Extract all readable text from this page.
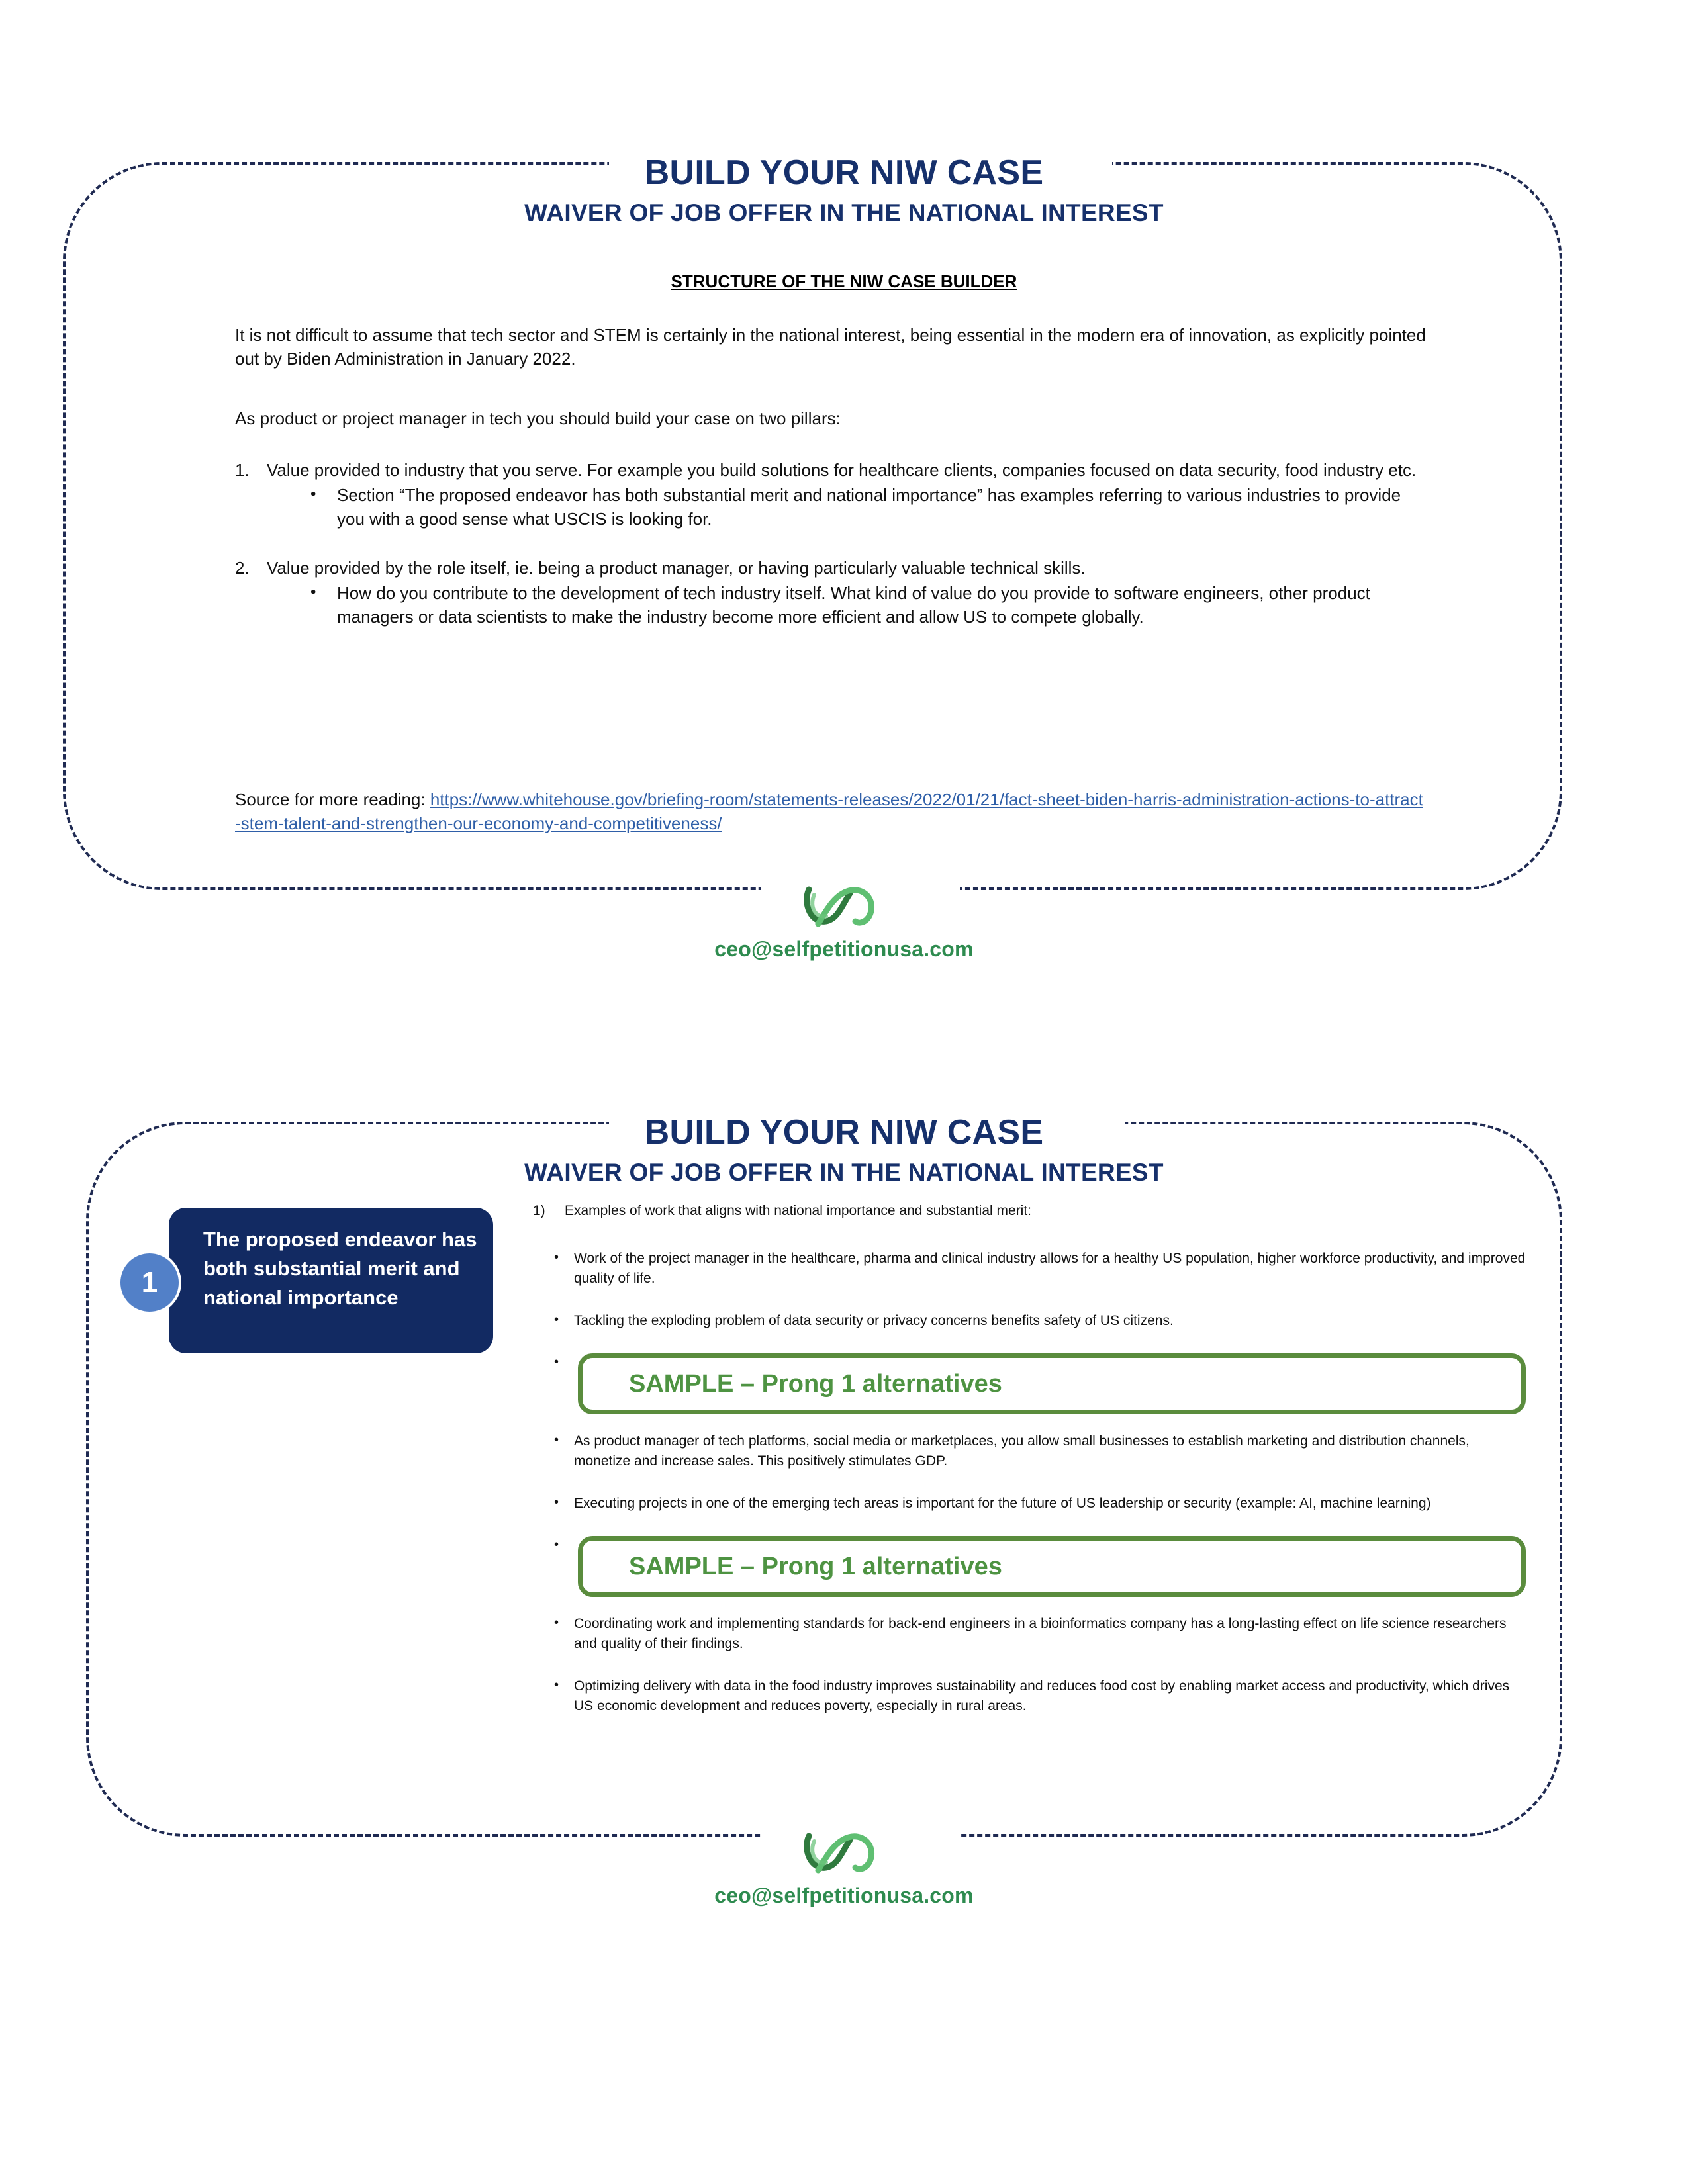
BUILD YOUR NIW CASE
WAIVER OF JOB OFFER IN THE NATIONAL INTEREST
STRUCTURE OF THE NIW CASE BUILDER
It is not difficult to assume that tech sector and STEM is certainly in the national interest, being essential in the modern era of innovation, as explicitly pointed out by Biden Administration in January 2022.
As product or project manager in tech you should build your case on two pillars:
1.	Value provided to industry that you serve. For example you build solutions for healthcare clients, companies focused on data security, food industry etc.
• Section “The proposed endeavor has both substantial merit and national importance” has examples referring to various industries to provide you with a good sense what USCIS is looking for.
2.	Value provided by the role itself, ie. being a product manager, or having particularly valuable technical skills.
• How do you contribute to the development of tech industry itself. What kind of value do you provide to software engineers, other product managers or data scientists to make the industry become more efficient and allow US to compete globally.
Source for more reading: https://www.whitehouse.gov/briefing-room/statements-releases/2022/01/21/fact-sheet-biden-harris-administration-actions-to-attract-stem-talent-and-strengthen-our-economy-and-competitiveness/
ceo@selfpetitionusa.com
BUILD YOUR NIW CASE
WAIVER OF JOB OFFER IN THE NATIONAL INTEREST
1
The proposed endeavor has both substantial merit and national importance
1) Examples of work that aligns with national importance and substantial merit:
• Work of the project manager in the healthcare, pharma and clinical industry allows for a healthy US population, higher workforce productivity, and improved quality of life.
• Tackling the exploding problem of data security or privacy concerns benefits safety of US citizens.
• SAMPLE – Prong 1 alternatives
• As product manager of tech platforms, social media or marketplaces, you allow small businesses to establish marketing and distribution channels, monetize and increase sales. This positively stimulates GDP.
• Executing projects in one of the emerging tech areas is important for the future of US leadership or security (example: AI, machine learning)
• SAMPLE – Prong 1 alternatives
• Coordinating work and implementing standards for back-end engineers in a bioinformatics company has a long-lasting effect on life science researchers and quality of their findings.
• Optimizing delivery with data in the food industry improves sustainability and reduces food cost by enabling market access and productivity, which drives US economic development and reduces poverty, especially in rural areas.
ceo@selfpetitionusa.com
